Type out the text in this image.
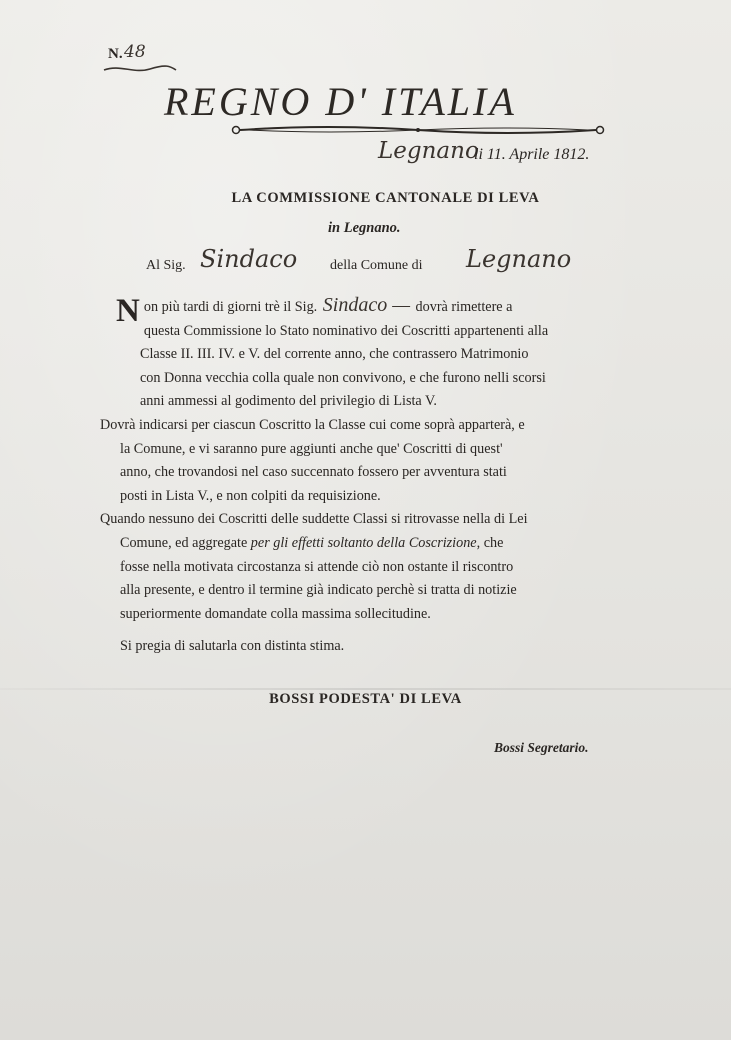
N. 48
REGNO D' ITALIA
Legnano
li 11. Aprile 1812.
LA COMMISSIONE CANTONALE DI LEVA
in Legnano.
Al Sig. Sindaco della Comune di Legnano

N on più tardi di giorni trè il Sig. Sindaco — dovrà rimettere a
questa Commissione lo Stato nominativo dei Coscritti appartenenti alla
Classe II. III. IV. e V. del corrente anno, che contrassero Matrimonio
con Donna vecchia colla quale non convivono, e che furono nelli scorsi
anni ammessi al godimento del privilegio di Lista V.

Dovrà indicarsi per ciascun Coscritto la Classe cui come soprà apparterà, e
la Comune, e vi saranno pure aggiunti anche que' Coscritti di quest'
anno, che trovandosi nel caso succennato fossero per avventura stati
posti in Lista V., e non colpiti da requisizione.

Quando nessuno dei Coscritti delle suddette Classi si ritrovasse nella di Lei
Comune, ed aggregate per gli effetti soltanto della Coscrizione, che
fosse nella motivata circostanza si attende ciò non ostante il riscontro
alla presente, e dentro il termine già indicato perchè si tratta di notizie
superiormente domandate colla massima sollecitudine.

Si pregia di salutarla con distinta stima.
BOSSI PODESTA' DI LEVA
Bossi Segretario.
